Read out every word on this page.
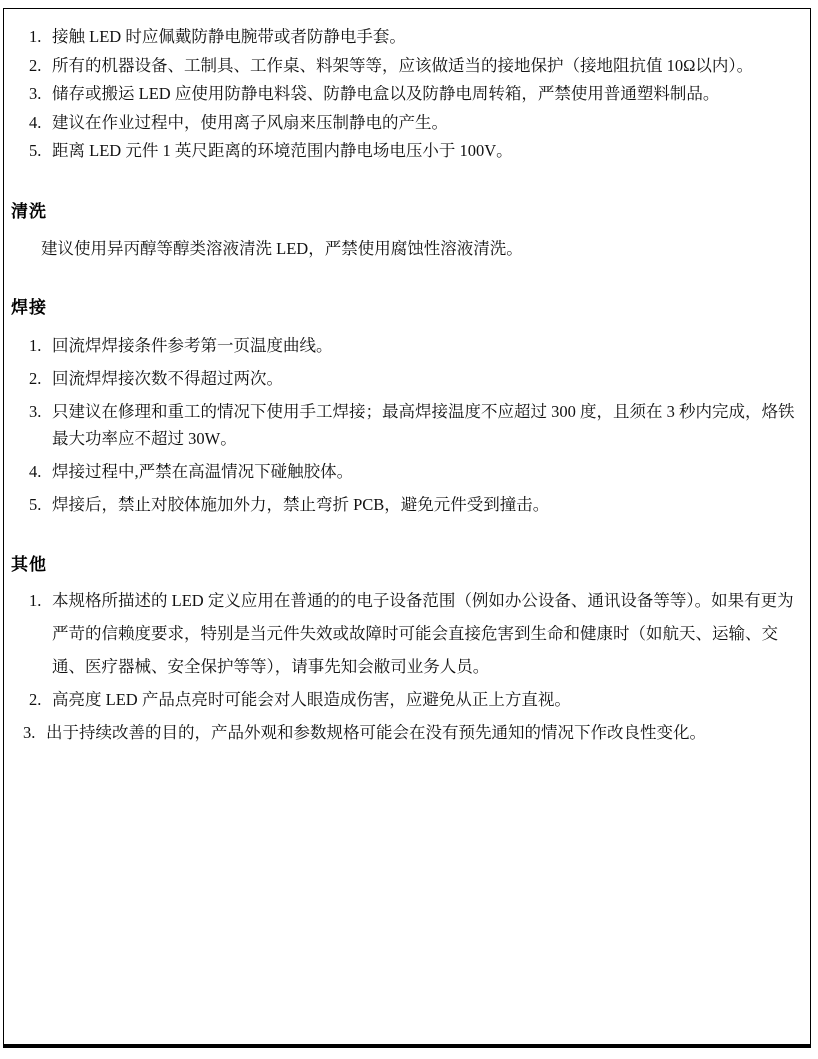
1. 接触 LED 时应佩戴防静电腕带或者防静电手套。
2. 所有的机器设备、工制具、工作桌、料架等等，应该做适当的接地保护（接地阻抗值 10Ω以内）。
3. 储存或搬运 LED 应使用防静电料袋、防静电盒以及防静电周转箱，严禁使用普通塑料制品。
4. 建议在作业过程中，使用离子风扇来压制静电的产生。
5. 距离 LED 元件 1 英尺距离的环境范围内静电场电压小于 100V。
清洗

建议使用异丙醇等醇类溶液清洗 LED，严禁使用腐蚀性溶液清洗。

焊接
1. 回流焊焊接条件参考第一页温度曲线。
2. 回流焊焊接次数不得超过两次。
3. 只建议在修理和重工的情况下使用手工焊接；最高焊接温度不应超过 300 度，且须在 3 秒内完成，烙铁最大功率应不超过 30W。
4. 焊接过程中,严禁在高温情况下碰触胶体。
5. 焊接后，禁止对胶体施加外力，禁止弯折 PCB，避免元件受到撞击。
其他
1. 本规格所描述的 LED 定义应用在普通的的电子设备范围（例如办公设备、通讯设备等等）。如果有更为严苛的信赖度要求，特别是当元件失效或故障时可能会直接危害到生命和健康时（如航天、运输、交通、医疗器械、安全保护等等），请事先知会敝司业务人员。
2. 高亮度 LED 产品点亮时可能会对人眼造成伤害，应避免从正上方直视。
3. 出于持续改善的目的，产品外观和参数规格可能会在没有预先通知的情况下作改良性变化。
